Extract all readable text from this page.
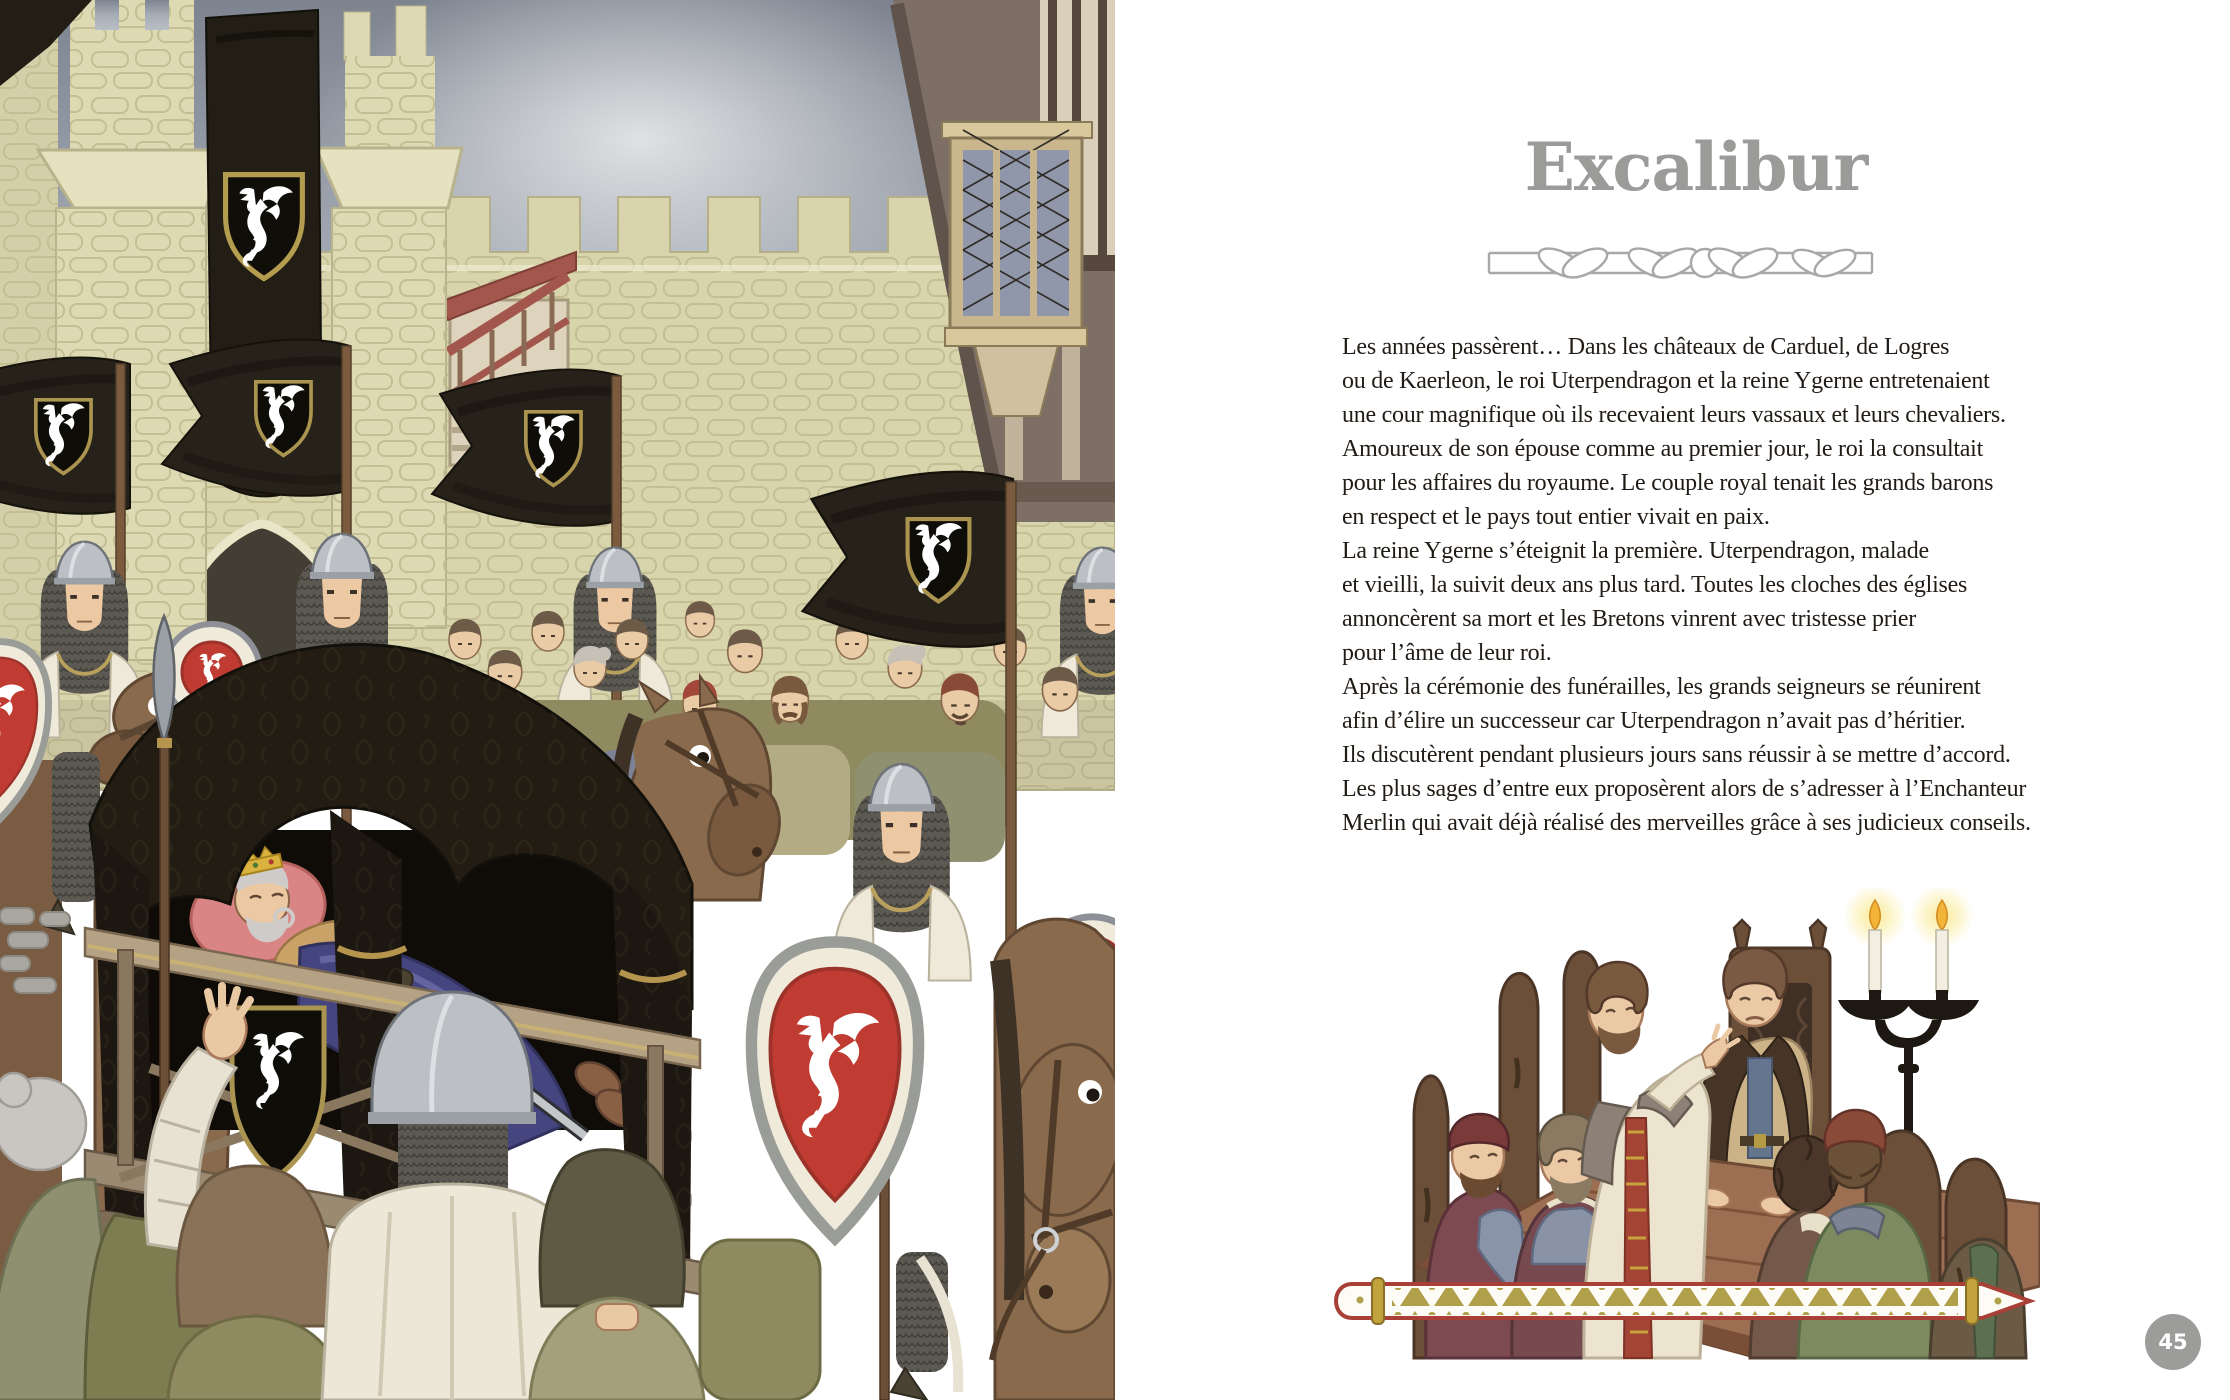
Excalibur
Les années passèrent… Dans les châteaux de Carduel, de Logres
ou de Kaerleon, le roi Uterpendragon et la reine Ygerne entretenaient
une cour magnifique où ils recevaient leurs vassaux et leurs chevaliers.
Amoureux de son épouse comme au premier jour, le roi la consultait
pour les affaires du royaume. Le couple royal tenait les grands barons
en respect et le pays tout entier vivait en paix.
La reine Ygerne s’éteignit la première. Uterpendragon, malade
et vieilli, la suivit deux ans plus tard. Toutes les cloches des églises
annoncèrent sa mort et les Bretons vinrent avec tristesse prier
pour l’âme de leur roi.
Après la cérémonie des funérailles, les grands seigneurs se réunirent
afin d’élire un successeur car Uterpendragon n’avait pas d’héritier.
Ils discutèrent pendant plusieurs jours sans réussir à se mettre d’accord.
Les plus sages d’entre eux proposèrent alors de s’adresser à l’Enchanteur
Merlin qui avait déjà réalisé des merveilles grâce à ses judicieux conseils.
45
